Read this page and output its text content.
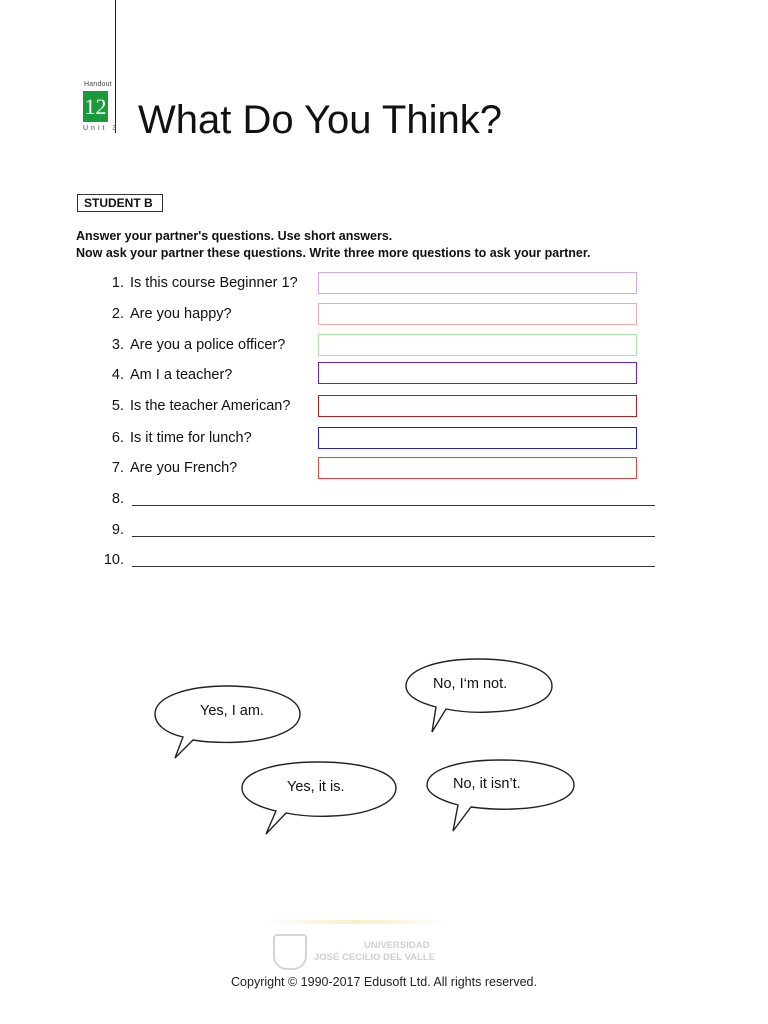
Handout
12
Unit 3 What Do You Think?
STUDENT B

Answer your partner's questions. Use short answers.

Now ask your partner these questions. Write three more questions to ask your partner.

1. Is this course Beginner 1?
2. Are you happy?
3. Are you a police officer?
4. Am I a teacher?
5. Is the teacher American?
6. Is it time for lunch?
7. Are you French?
8.
9.
10.
Yes, I am.
No, I‘m not.
Yes, it is.	No, it isn’t.
UNIVERSIDAD
JOSÉ CECILIO DEL VALLE
Copyright © 1990-2017 Edusoft Ltd. All rights reserved.
